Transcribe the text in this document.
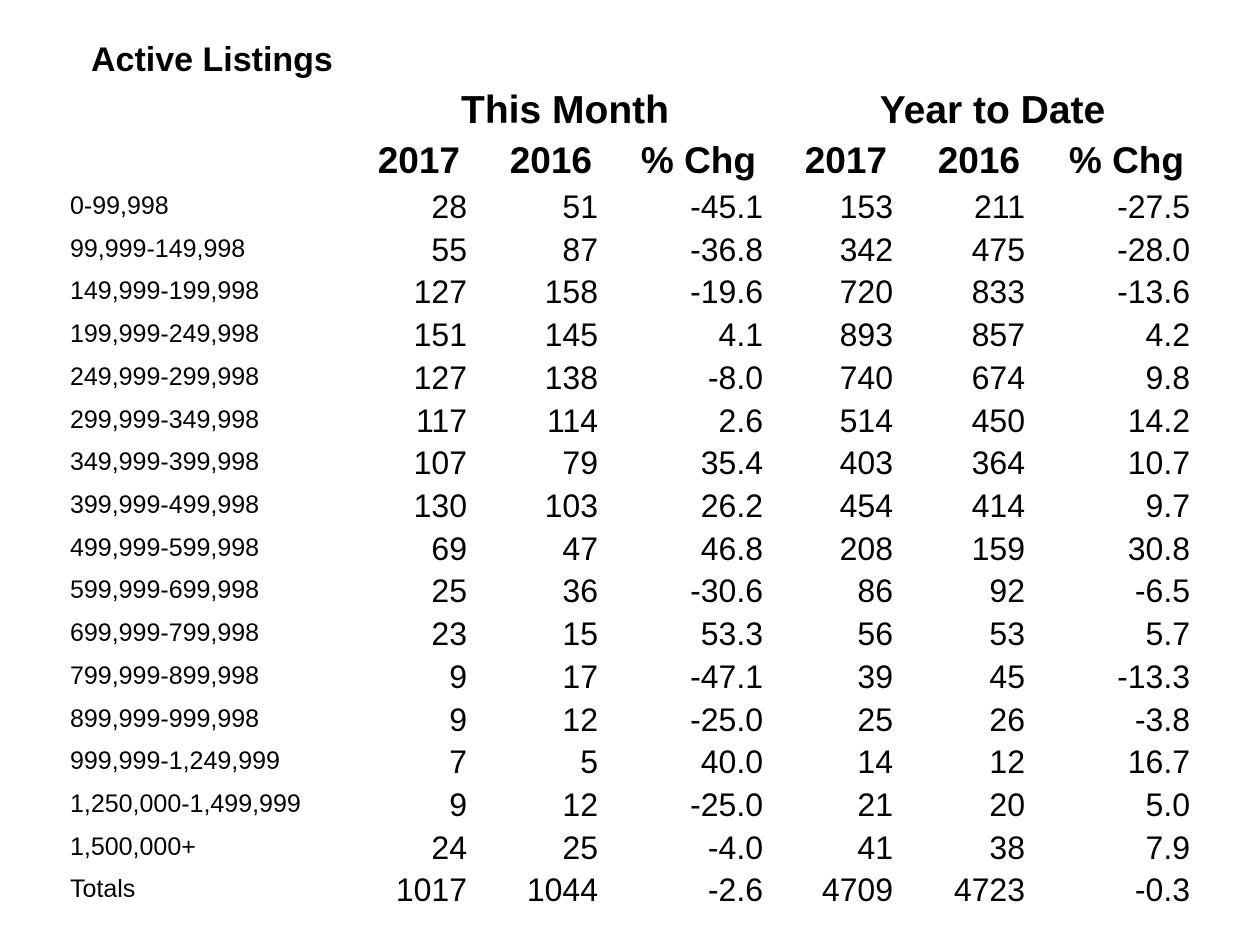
Active Listings
This Month	Year to Date
2017	2016	% Chg	2017	2016	% Chg
0-99,998	28	51	-45.1	153	211	-27.5
99,999-149,998	55	87	-36.8	342	475	-28.0
149,999-199,998	127	158	-19.6	720	833	-13.6
199,999-249,998	151	145	4.1	893	857	4.2
249,999-299,998	127	138	-8.0	740	674	9.8
299,999-349,998	117	114	2.6	514	450	14.2
349,999-399,998	107	79	35.4	403	364	10.7
399,999-499,998	130	103	26.2	454	414	9.7
499,999-599,998	69	47	46.8	208	159	30.8
599,999-699,998	25	36	-30.6	86	92	-6.5
699,999-799,998	23	15	53.3	56	53	5.7
799,999-899,998	9	17	-47.1	39	45	-13.3
899,999-999,998	9	12	-25.0	25	26	-3.8
999,999-1,249,999	7	5	40.0	14	12	16.7
1,250,000-1,499,999	9	12	-25.0	21	20	5.0
1,500,000+	24	25	-4.0	41	38	7.9
Totals	1017	1044	-2.6	4709	4723	-0.3
